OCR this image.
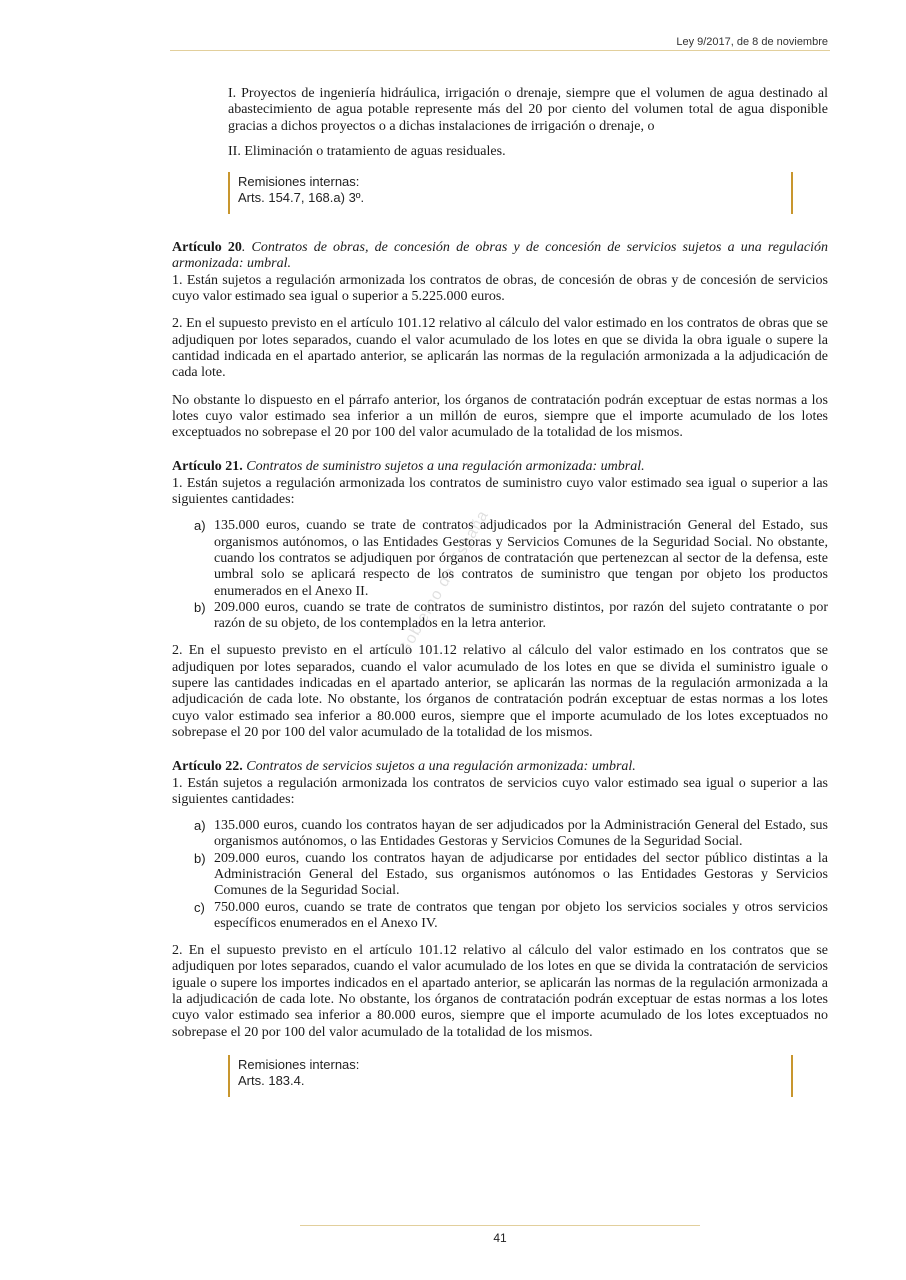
Ley 9/2017, de 8 de noviembre
Gobierno de España

I. Proyectos de ingeniería hidráulica, irrigación o drenaje, siempre que el volumen de agua destinado al abastecimiento de agua potable represente más del 20 por ciento del volumen total de agua disponible gracias a dichos proyectos o a dichas instalaciones de irrigación o drenaje, o

II. Eliminación o tratamiento de aguas residuales.

Remisiones internas:
Arts. 154.7, 168.a) 3º.

Artículo 20. Contratos de obras, de concesión de obras y de concesión de servicios sujetos a una regulación armonizada: umbral.

1. Están sujetos a regulación armonizada los contratos de obras, de concesión de obras y de concesión de servicios cuyo valor estimado sea igual o superior a 5.225.000 euros.

2. En el supuesto previsto en el artículo 101.12 relativo al cálculo del valor estimado en los contratos de obras que se adjudiquen por lotes separados, cuando el valor acumulado de los lotes en que se divida la obra iguale o supere la cantidad indicada en el apartado anterior, se aplicarán las normas de la regulación armonizada a la adjudicación de cada lote.

No obstante lo dispuesto en el párrafo anterior, los órganos de contratación podrán exceptuar de estas normas a los lotes cuyo valor estimado sea inferior a un millón de euros, siempre que el importe acumulado de los lotes exceptuados no sobrepase el 20 por 100 del valor acumulado de la totalidad de los mismos.

Artículo 21. Contratos de suministro sujetos a una regulación armonizada: umbral.

1. Están sujetos a regulación armonizada los contratos de suministro cuyo valor estimado sea igual o superior a las siguientes cantidades:

a) 135.000 euros, cuando se trate de contratos adjudicados por la Administración General del Estado, sus organismos autónomos, o las Entidades Gestoras y Servicios Comunes de la Seguridad Social. No obstante, cuando los contratos se adjudiquen por órganos de contratación que pertenezcan al sector de la defensa, este umbral solo se aplicará respecto de los contratos de suministro que tengan por objeto los productos enumerados en el Anexo II.
b) 209.000 euros, cuando se trate de contratos de suministro distintos, por razón del sujeto contratante o por razón de su objeto, de los contemplados en la letra anterior.

2. En el supuesto previsto en el artículo 101.12 relativo al cálculo del valor estimado en los contratos que se adjudiquen por lotes separados, cuando el valor acumulado de los lotes en que se divida el suministro iguale o supere las cantidades indicadas en el apartado anterior, se aplicarán las normas de la regulación armonizada a la adjudicación de cada lote. No obstante, los órganos de contratación podrán exceptuar de estas normas a los lotes cuyo valor estimado sea inferior a 80.000 euros, siempre que el importe acumulado de los lotes exceptuados no sobrepase el 20 por 100 del valor acumulado de la totalidad de los mismos.

Artículo 22. Contratos de servicios sujetos a una regulación armonizada: umbral.

1. Están sujetos a regulación armonizada los contratos de servicios cuyo valor estimado sea igual o superior a las siguientes cantidades:

a) 135.000 euros, cuando los contratos hayan de ser adjudicados por la Administración General del Estado, sus organismos autónomos, o las Entidades Gestoras y Servicios Comunes de la Seguridad Social.
b) 209.000 euros, cuando los contratos hayan de adjudicarse por entidades del sector público distintas a la Administración General del Estado, sus organismos autónomos o las Entidades Gestoras y Servicios Comunes de la Seguridad Social.
c) 750.000 euros, cuando se trate de contratos que tengan por objeto los servicios sociales y otros servicios específicos enumerados en el Anexo IV.

2. En el supuesto previsto en el artículo 101.12 relativo al cálculo del valor estimado en los contratos que se adjudiquen por lotes separados, cuando el valor acumulado de los lotes en que se divida la contratación de servicios iguale o supere los importes indicados en el apartado anterior, se aplicarán las normas de la regulación armonizada a la adjudicación de cada lote. No obstante, los órganos de contratación podrán exceptuar de estas normas a los lotes cuyo valor estimado sea inferior a 80.000 euros, siempre que el importe acumulado de los lotes exceptuados no sobrepase el 20 por 100 del valor acumulado de la totalidad de los mismos.

Remisiones internas:
Arts. 183.4.
41
